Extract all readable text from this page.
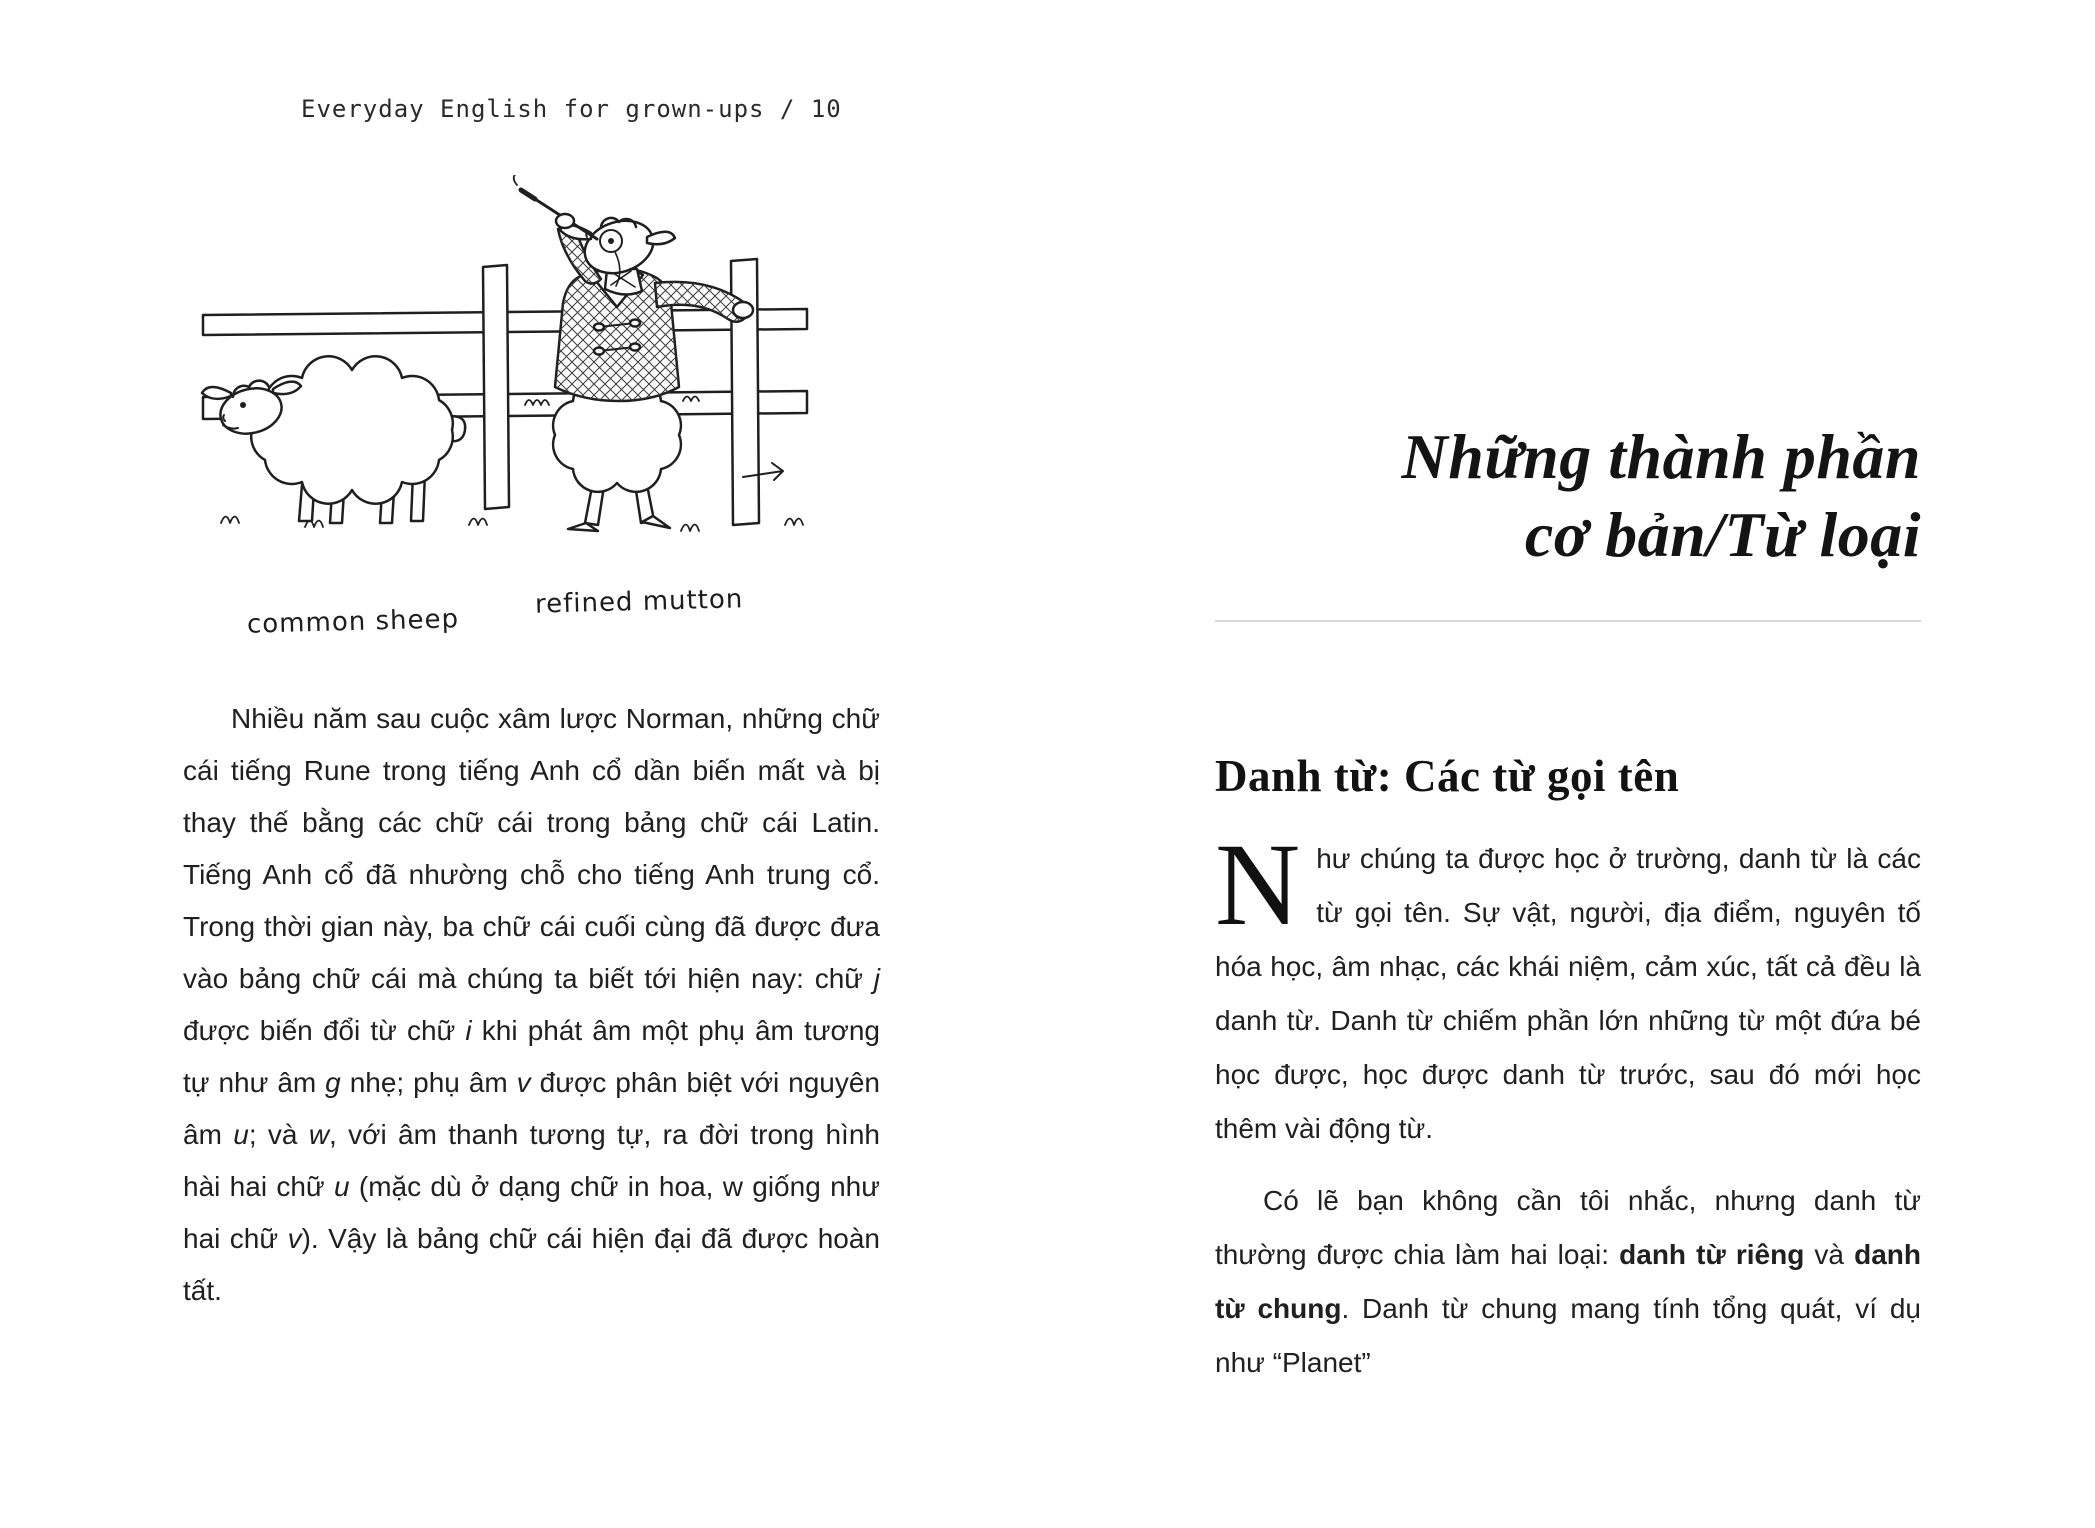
Everyday English for grown-ups / 10
common sheep
refined mutton

Nhiều năm sau cuộc xâm lược Norman, những chữ cái tiếng Rune trong tiếng Anh cổ dần biến mất và bị thay thế bằng các chữ cái trong bảng chữ cái Latin. Tiếng Anh cổ đã nhường chỗ cho tiếng Anh trung cổ. Trong thời gian này, ba chữ cái cuối cùng đã được đưa vào bảng chữ cái mà chúng ta biết tới hiện nay: chữ j được biến đổi từ chữ i khi phát âm một phụ âm tương tự như âm g nhẹ; phụ âm v được phân biệt với nguyên âm u; và w, với âm thanh tương tự, ra đời trong hình hài hai chữ u (mặc dù ở dạng chữ in hoa, w giống như hai chữ v). Vậy là bảng chữ cái hiện đại đã được hoàn tất.

Những thành phần
cơ bản/Từ loại
Danh từ: Các từ gọi tên

Như chúng ta được học ở trường, danh từ là các từ gọi tên. Sự vật, người, địa điểm, nguyên tố hóa học, âm nhạc, các khái niệm, cảm xúc, tất cả đều là danh từ. Danh từ chiếm phần lớn những từ một đứa bé học được, học được danh từ trước, sau đó mới học thêm vài động từ.

Có lẽ bạn không cần tôi nhắc, nhưng danh từ thường được chia làm hai loại: danh từ riêng và danh từ chung. Danh từ chung mang tính tổng quát, ví dụ như “Planet”
